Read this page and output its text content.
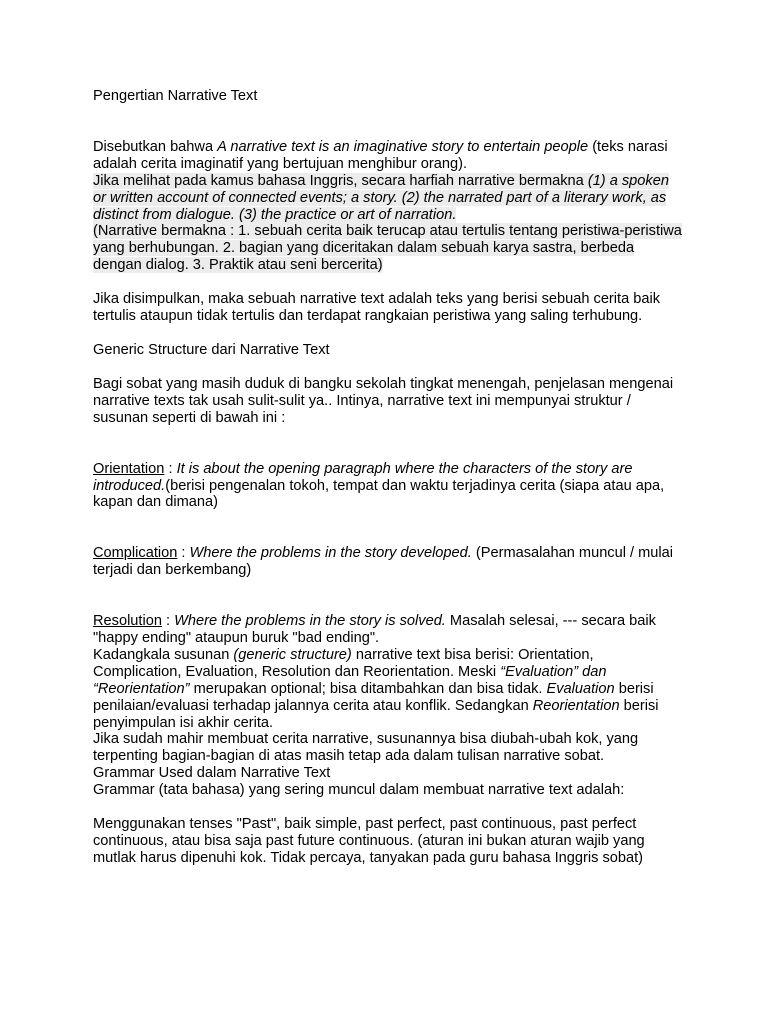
Pengertian Narrative Text

Disebutkan bahwa A narrative text is an imaginative story to entertain people (teks narasi adalah cerita imaginatif yang bertujuan menghibur orang).

Jika melihat pada kamus bahasa Inggris, secara harfiah narrative bermakna (1) a spoken or written account of connected events; a story. (2) the narrated part of a literary work, as distinct from dialogue. (3) the practice or art of narration.

(Narrative bermakna : 1. sebuah cerita baik terucap atau tertulis tentang peristiwa-peristiwa yang berhubungan. 2. bagian yang diceritakan dalam sebuah karya sastra, berbeda dengan dialog. 3. Praktik atau seni bercerita)

Jika disimpulkan, maka sebuah narrative text adalah teks yang berisi sebuah cerita baik tertulis ataupun tidak tertulis dan terdapat rangkaian peristiwa yang saling terhubung.

Generic Structure dari Narrative Text

Bagi sobat yang masih duduk di bangku sekolah tingkat menengah, penjelasan mengenai narrative texts tak usah sulit-sulit ya.. Intinya, narrative text ini mempunyai struktur / susunan seperti di bawah ini :

Orientation : It is about the opening paragraph where the characters of the story are introduced.(berisi pengenalan tokoh, tempat dan waktu terjadinya cerita (siapa atau apa, kapan dan dimana)

Complication : Where the problems in the story developed. (Permasalahan muncul / mulai terjadi dan berkembang)

Resolution : Where the problems in the story is solved. Masalah selesai, --- secara baik "happy ending" ataupun buruk "bad ending".

Kadangkala susunan (generic structure) narrative text bisa berisi: Orientation, Complication, Evaluation, Resolution dan Reorientation. Meski “Evaluation” dan “Reorientation” merupakan optional; bisa ditambahkan dan bisa tidak. Evaluation berisi penilaian/evaluasi terhadap jalannya cerita atau konflik. Sedangkan Reorientation berisi penyimpulan isi akhir cerita.

Jika sudah mahir membuat cerita narrative, susunannya bisa diubah-ubah kok, yang terpenting bagian-bagian di atas masih tetap ada dalam tulisan narrative sobat.

Grammar Used dalam Narrative Text

Grammar (tata bahasa) yang sering muncul dalam membuat narrative text adalah:

Menggunakan tenses "Past", baik simple, past perfect, past continuous, past perfect continuous, atau bisa saja past future continuous. (aturan ini bukan aturan wajib yang mutlak harus dipenuhi kok. Tidak percaya, tanyakan pada guru bahasa Inggris sobat)
